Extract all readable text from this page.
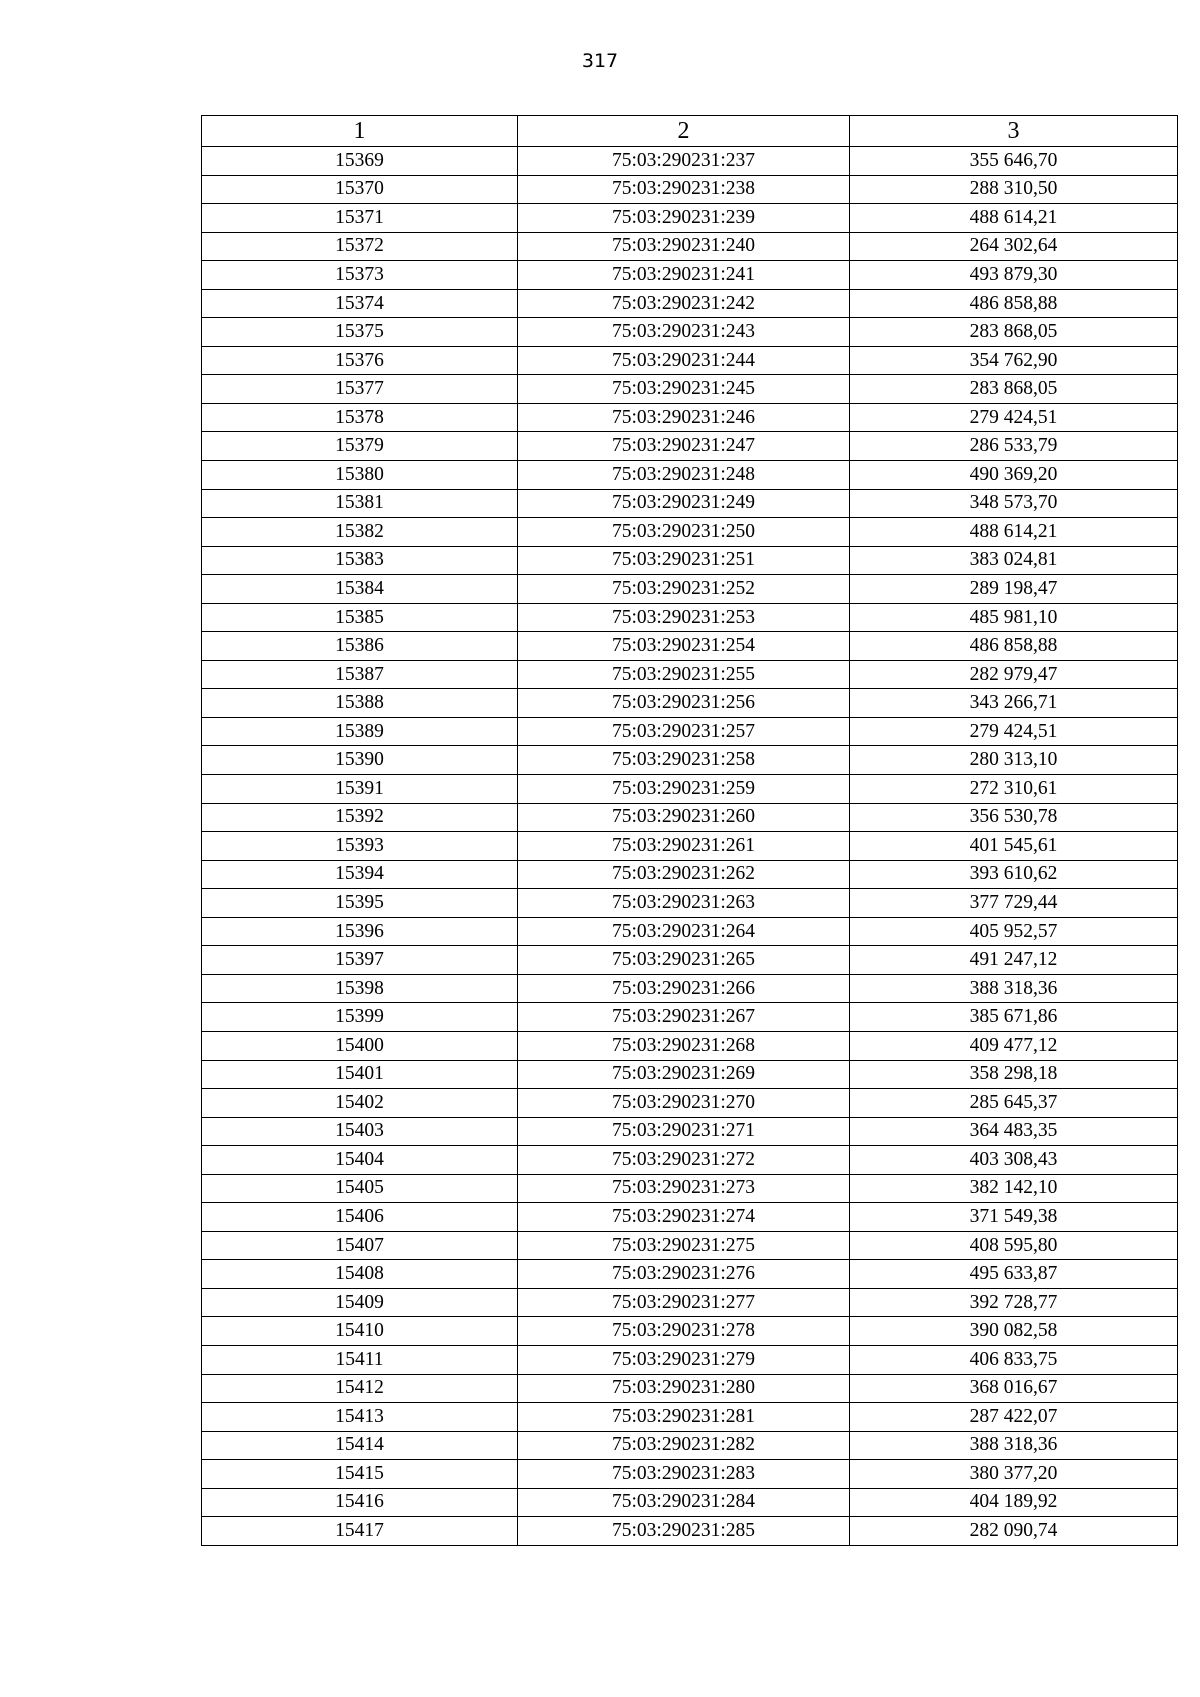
317
1	2	3
15369	75:03:290231:237	355 646,70
15370	75:03:290231:238	288 310,50
15371	75:03:290231:239	488 614,21
15372	75:03:290231:240	264 302,64
15373	75:03:290231:241	493 879,30
15374	75:03:290231:242	486 858,88
15375	75:03:290231:243	283 868,05
15376	75:03:290231:244	354 762,90
15377	75:03:290231:245	283 868,05
15378	75:03:290231:246	279 424,51
15379	75:03:290231:247	286 533,79
15380	75:03:290231:248	490 369,20
15381	75:03:290231:249	348 573,70
15382	75:03:290231:250	488 614,21
15383	75:03:290231:251	383 024,81
15384	75:03:290231:252	289 198,47
15385	75:03:290231:253	485 981,10
15386	75:03:290231:254	486 858,88
15387	75:03:290231:255	282 979,47
15388	75:03:290231:256	343 266,71
15389	75:03:290231:257	279 424,51
15390	75:03:290231:258	280 313,10
15391	75:03:290231:259	272 310,61
15392	75:03:290231:260	356 530,78
15393	75:03:290231:261	401 545,61
15394	75:03:290231:262	393 610,62
15395	75:03:290231:263	377 729,44
15396	75:03:290231:264	405 952,57
15397	75:03:290231:265	491 247,12
15398	75:03:290231:266	388 318,36
15399	75:03:290231:267	385 671,86
15400	75:03:290231:268	409 477,12
15401	75:03:290231:269	358 298,18
15402	75:03:290231:270	285 645,37
15403	75:03:290231:271	364 483,35
15404	75:03:290231:272	403 308,43
15405	75:03:290231:273	382 142,10
15406	75:03:290231:274	371 549,38
15407	75:03:290231:275	408 595,80
15408	75:03:290231:276	495 633,87
15409	75:03:290231:277	392 728,77
15410	75:03:290231:278	390 082,58
15411	75:03:290231:279	406 833,75
15412	75:03:290231:280	368 016,67
15413	75:03:290231:281	287 422,07
15414	75:03:290231:282	388 318,36
15415	75:03:290231:283	380 377,20
15416	75:03:290231:284	404 189,92
15417	75:03:290231:285	282 090,74
